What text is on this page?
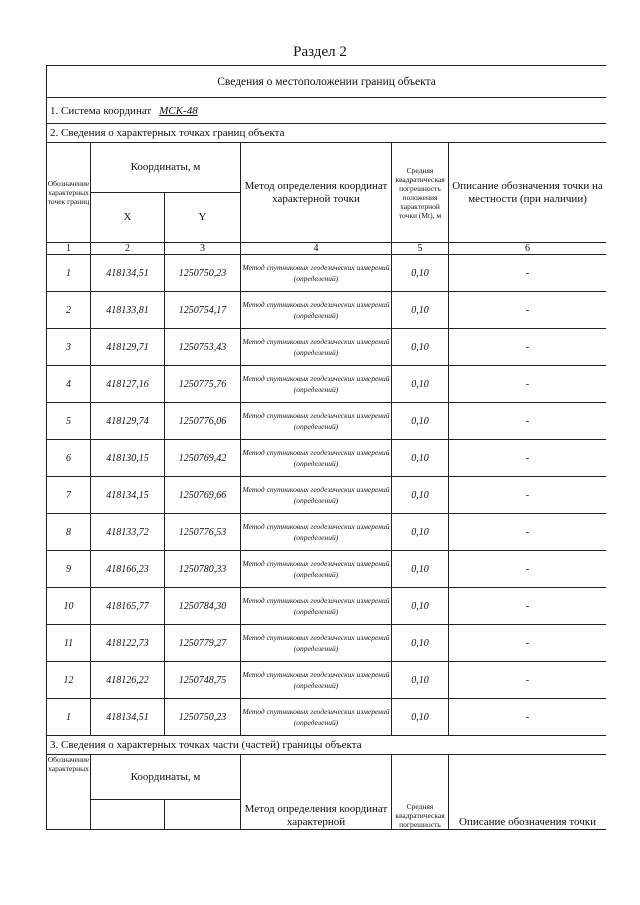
Раздел 2
Сведения о местоположении границ объекта					
1. Система координат МСК-48					
2. Сведения о характерных точках границ объекта					
Обозначение характерных точек границ	Координаты, м		Метод определения координат характерной точки	Средняя квадратическая погрешность положения характерной точки (Mt), м	Описание обозначения точки на местности (при наличии)
	X	Y			
1	2	3	4	5	6
1	418134,51	1250750,23	Метод спутниковых геодезических измерений (определений)	0,10	-
2	418133,81	1250754,17	Метод спутниковых геодезических измерений (определений)	0,10	-
3	418129,71	1250753,43	Метод спутниковых геодезических измерений (определений)	0,10	-
4	418127,16	1250775,76	Метод спутниковых геодезических измерений (определений)	0,10	-
5	418129,74	1250776,06	Метод спутниковых геодезических измерений (определений)	0,10	-
6	418130,15	1250769,42	Метод спутниковых геодезических измерений (определений)	0,10	-
7	418134,15	1250769,66	Метод спутниковых геодезических измерений (определений)	0,10	-
8	418133,72	1250776,53	Метод спутниковых геодезических измерений (определений)	0,10	-
9	418166,23	1250780,33	Метод спутниковых геодезических измерений (определений)	0,10	-
10	418165,77	1250784,30	Метод спутниковых геодезических измерений (определений)	0,10	-
11	418122,73	1250779,27	Метод спутниковых геодезических измерений (определений)	0,10	-
12	418126,22	1250748,75	Метод спутниковых геодезических измерений (определений)	0,10	-
1	418134,51	1250750,23	Метод спутниковых геодезических измерений (определений)	0,10	-
3. Сведения о характерных точках части (частей) границы объекта					
Обозначение характерных	Координаты, м		Метод определения координат характерной	Средняя квадратическая погрешность	Описание обозначения точки
